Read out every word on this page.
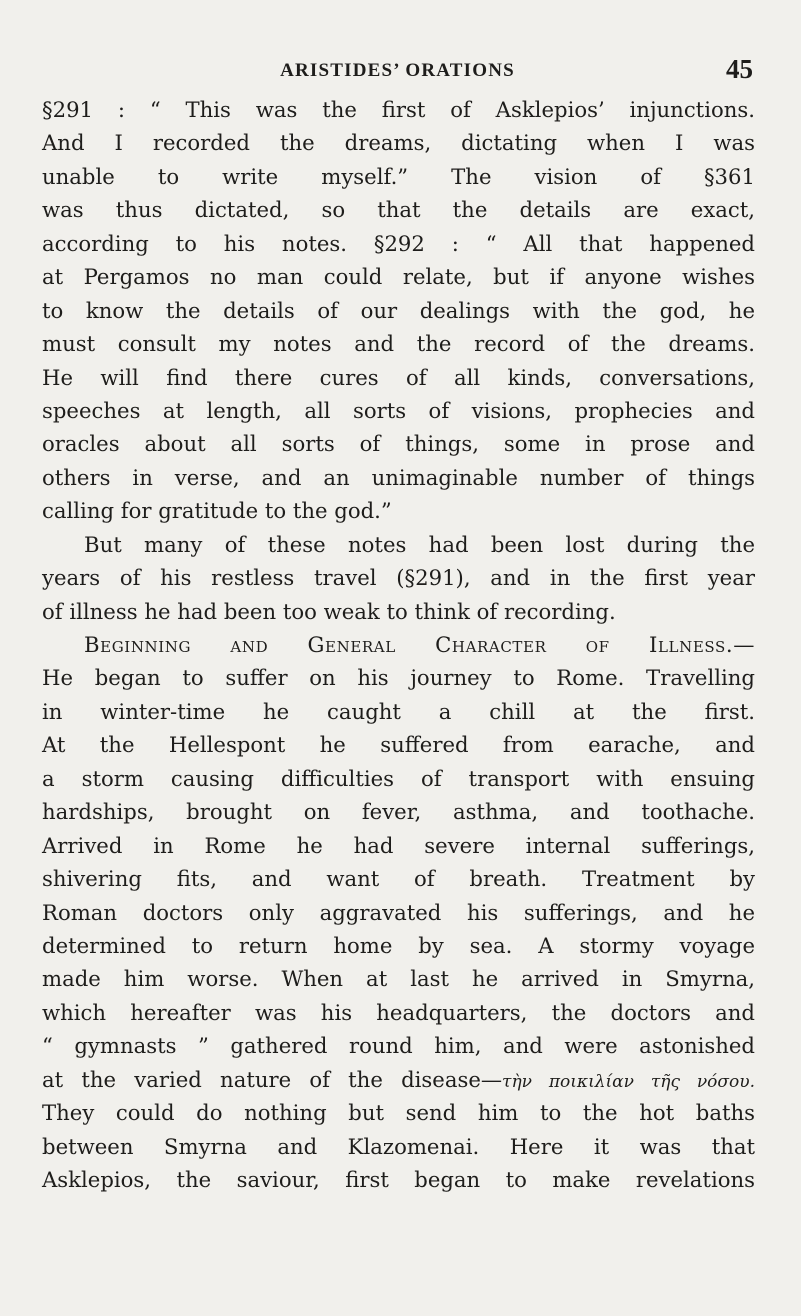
ARISTIDES’ ORATIONS	45
§291 : “ This was the first of Asklepios’ injunctions.
And I recorded the dreams, dictating when I was
unable to write myself.” The vision of §361
was thus dictated, so that the details are exact,
according to his notes. §292 : “ All that happened
at Pergamos no man could relate, but if anyone wishes
to know the details of our dealings with the god, he
must consult my notes and the record of the dreams.
He will find there cures of all kinds, conversations,
speeches at length, all sorts of visions, prophecies and
oracles about all sorts of things, some in prose and
others in verse, and an unimaginable number of things
calling for gratitude to the god.”
But many of these notes had been lost during the
years of his restless travel (§291), and in the first year
of illness he had been too weak to think of recording.
Beginning and General Character of Illness.—
He began to suffer on his journey to Rome. Travelling
in winter-time he caught a chill at the first.
At the Hellespont he suffered from earache, and
a storm causing difficulties of transport with ensuing
hardships, brought on fever, asthma, and toothache.
Arrived in Rome he had severe internal sufferings,
shivering fits, and want of breath. Treatment by
Roman doctors only aggravated his sufferings, and he
determined to return home by sea. A stormy voyage
made him worse. When at last he arrived in Smyrna,
which hereafter was his headquarters, the doctors and
“ gymnasts ” gathered round him, and were astonished
at the varied nature of the disease—τὴν ποικιλίαν τῆς νόσου.
They could do nothing but send him to the hot baths
between Smyrna and Klazomenai. Here it was that
Asklepios, the saviour, first began to make revelations
